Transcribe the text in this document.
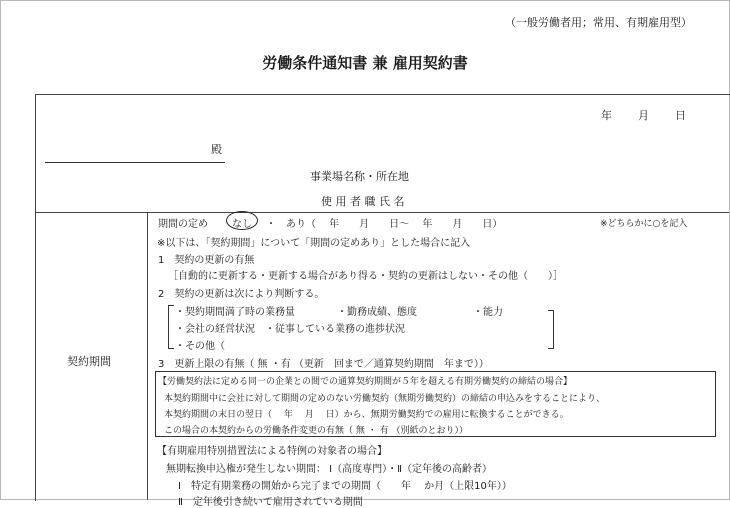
（一般労働者用；常用、有期雇用型）
労働条件通知書 兼 雇用契約書
年 月 日
殿
事業場名称・所在地
使 用 者 職 氏 名
契約期間
期間の定め なし ・ あり（　 年　　月　　日～　 年　　月　　日）	※どちらかに○を記入
※以下は、「契約期間」について「期間の定めあり」とした場合に記入
1　契約の更新の有無
［自動的に更新する・更新する場合があり得る・契約の更新はしない・その他（　　）］
2　契約の更新は次により判断する。
・契約期間満了時の業務量	・勤務成績、態度	・能力
・会社の経営状況　・従事している業務の進捗状況
・その他（
3　更新上限の有無（ 無 ・有 （更新　回まで／通算契約期間　年まで））
【労働契約法に定める同一の企業との間での通算契約期間が５年を超える有期労働契約の締結の場合】
本契約期間中に会社に対して期間の定めのない労働契約（無期労働契約）の締結の申込みをすることにより、
本契約期間の末日の翌日（　 年　 月　 日）から、無期労働契約での雇用に転換することができる。
この場合の本契約からの労働条件変更の有無（ 無 ・ 有 （別紙のとおり））
【有期雇用特別措置法による特例の対象者の場合】
無期転換申込権が発生しない期間： Ⅰ（高度専門）・Ⅱ（定年後の高齢者）
Ⅰ　特定有期業務の開始から完了までの期間（　　年　 か月（上限10年））
Ⅱ　定年後引き続いて雇用されている期間
